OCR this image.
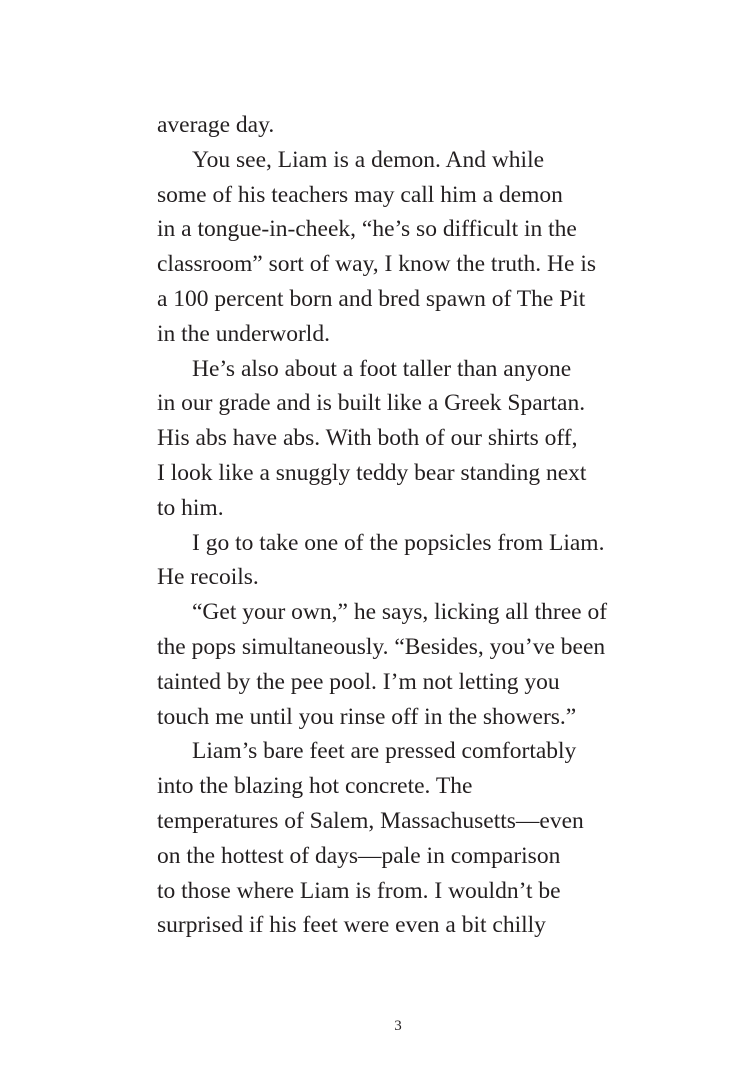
average day.
You see, Liam is a demon. And while
some of his teachers may call him a demon
in a tongue-in-cheek, “he’s so difficult in the
classroom” sort of way, I know the truth. He is
a 100 percent born and bred spawn of The Pit
in the underworld.
He’s also about a foot taller than anyone
in our grade and is built like a Greek Spartan.
His abs have abs. With both of our shirts off,
I look like a snuggly teddy bear standing next
to him.
I go to take one of the popsicles from Liam.
He recoils.
“Get your own,” he says, licking all three of
the pops simultaneously. “Besides, you’ve been
tainted by the pee pool. I’m not letting you
touch me until you rinse off in the showers.”
Liam’s bare feet are pressed comfortably
into the blazing hot concrete. The
temperatures of Salem, Massachusetts—even
on the hottest of days—pale in comparison
to those where Liam is from. I wouldn’t be
surprised if his feet were even a bit chilly
3
